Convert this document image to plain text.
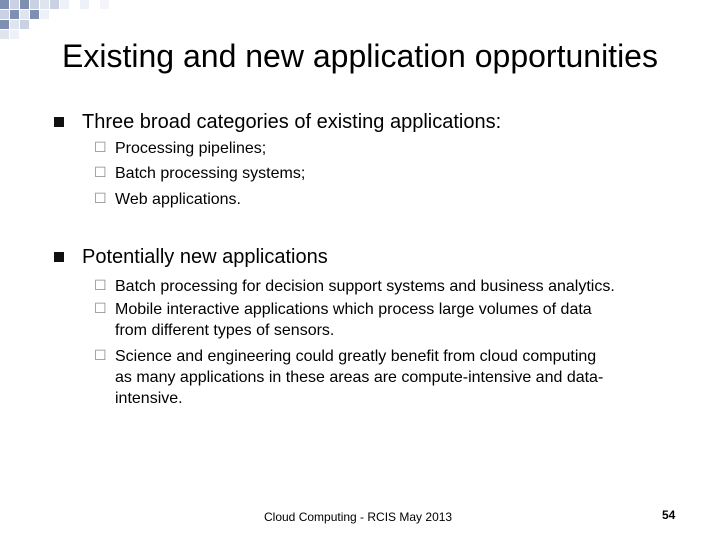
Existing and new application opportunities
Three broad categories of existing applications:
☐ Processing pipelines;
☐ Batch processing systems;
☐ Web applications.
Potentially new applications
☐ Batch processing for decision support systems and business analytics.
☐ Mobile interactive applications which process large volumes of data
from different types of sensors.
☐ Science and engineering could greatly benefit from cloud computing
as many applications in these areas are compute-intensive and data-
intensive.
Cloud Computing - RCIS May 2013	54
